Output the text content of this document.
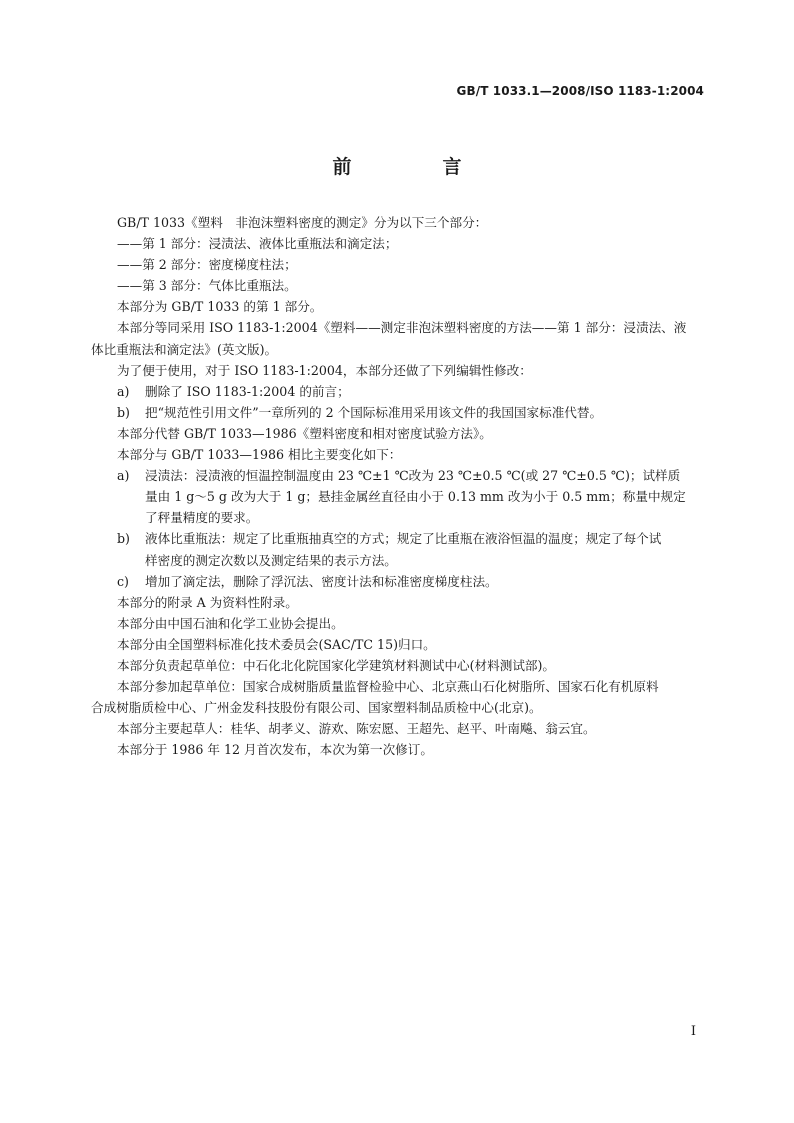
GB/T 1033.1—2008/ISO 1183-1:2004
前　言

GB/T 1033《塑料　非泡沫塑料密度的测定》分为以下三个部分：

——第 1 部分：浸渍法、液体比重瓶法和滴定法；

——第 2 部分：密度梯度柱法；

——第 3 部分：气体比重瓶法。

本部分为 GB/T 1033 的第 1 部分。

本部分等同采用 ISO 1183-1:2004《塑料——测定非泡沫塑料密度的方法——第 1 部分：浸渍法、液

体比重瓶法和滴定法》(英文版)。

为了便于使用，对于 ISO 1183-1:2004，本部分还做了下列编辑性修改：

a) 删除了 ISO 1183-1:2004 的前言；
b) 把“规范性引用文件”一章所列的 2 个国际标准用采用该文件的我国国家标准代替。

本部分代替 GB/T 1033—1986《塑料密度和相对密度试验方法》。

本部分与 GB/T 1033—1986 相比主要变化如下：

a) 浸渍法：浸渍液的恒温控制温度由 23 ℃±1 ℃改为 23 ℃±0.5 ℃(或 27 ℃±0.5 ℃)；试样质
量由 1 g～5 g 改为大于 1 g；悬挂金属丝直径由小于 0.13 mm 改为小于 0.5 mm；称量中规定
了秤量精度的要求。
b) 液体比重瓶法：规定了比重瓶抽真空的方式；规定了比重瓶在液浴恒温的温度；规定了每个试
样密度的测定次数以及测定结果的表示方法。
c) 增加了滴定法，删除了浮沉法、密度计法和标准密度梯度柱法。

本部分的附录 A 为资料性附录。

本部分由中国石油和化学工业协会提出。

本部分由全国塑料标准化技术委员会(SAC/TC 15)归口。

本部分负责起草单位：中石化北化院国家化学建筑材料测试中心(材料测试部)。

本部分参加起草单位：国家合成树脂质量监督检验中心、北京燕山石化树脂所、国家石化有机原料

合成树脂质检中心、广州金发科技股份有限公司、国家塑料制品质检中心(北京)。

本部分主要起草人：桂华、胡孝义、游欢、陈宏愿、王超先、赵平、叶南飚、翁云宜。

本部分于 1986 年 12 月首次发布，本次为第一次修订。

I
